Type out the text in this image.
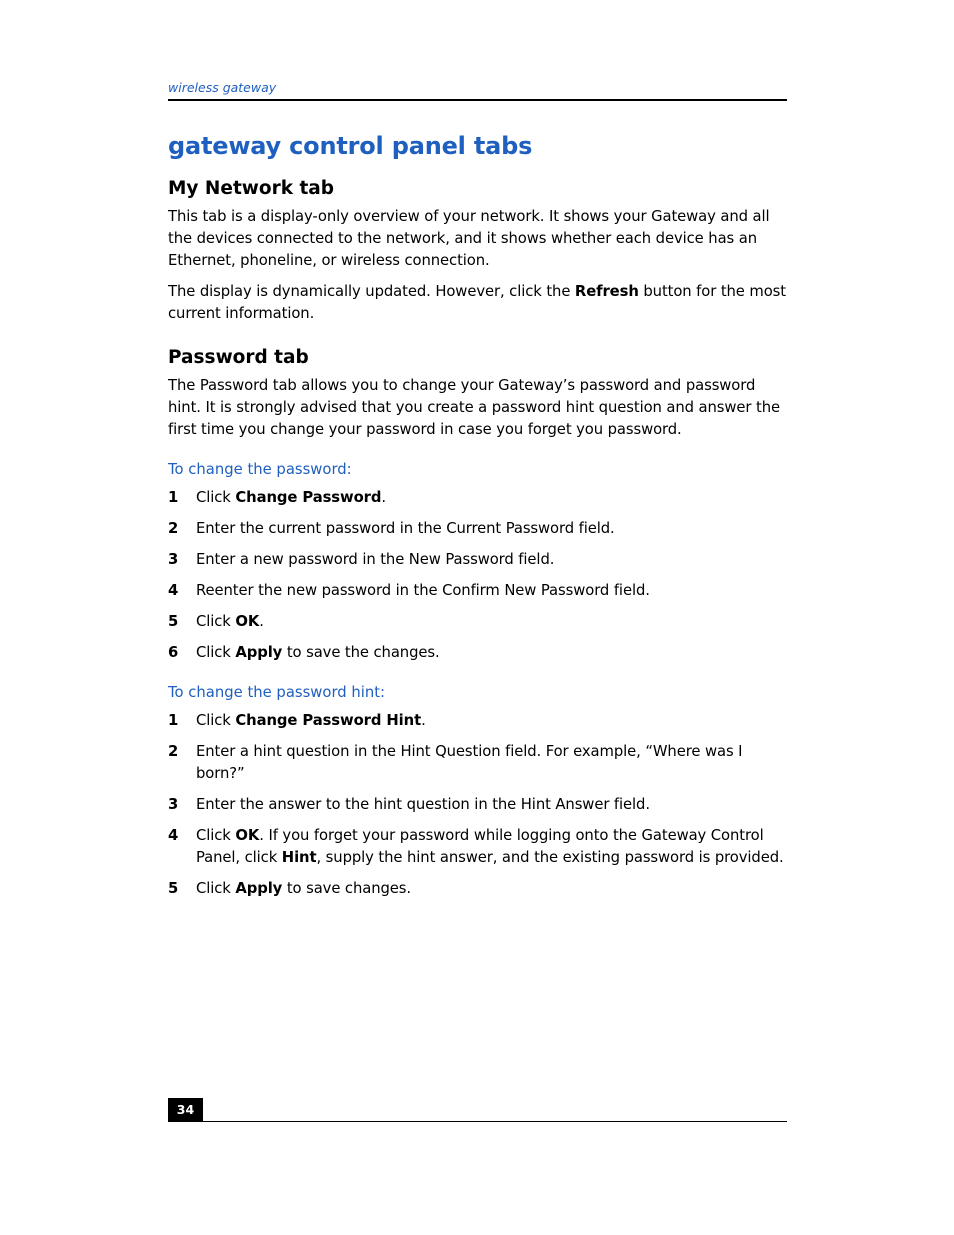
wireless gateway
gateway control panel tabs
My Network tab

This tab is a display-only overview of your network. It shows your Gateway and all the devices connected to the network, and it shows whether each device has an Ethernet, phoneline, or wireless connection.

The display is dynamically updated. However, click the Refresh button for the most current information.

Password tab

The Password tab allows you to change your Gateway’s password and password hint. It is strongly advised that you create a password hint question and answer the first time you change your password in case you forget you password.

To change the password:
1 Click Change Password.
2 Enter the current password in the Current Password field.
3 Enter a new password in the New Password field.
4 Reenter the new password in the Confirm New Password field.
5 Click OK.
6 Click Apply to save the changes.
To change the password hint:
1 Click Change Password Hint.
2 Enter a hint question in the Hint Question field. For example, “Where was I born?”
3 Enter the answer to the hint question in the Hint Answer field.
4 Click OK. If you forget your password while logging onto the Gateway Control Panel, click Hint, supply the hint answer, and the existing password is provided.
5 Click Apply to save changes.
34
